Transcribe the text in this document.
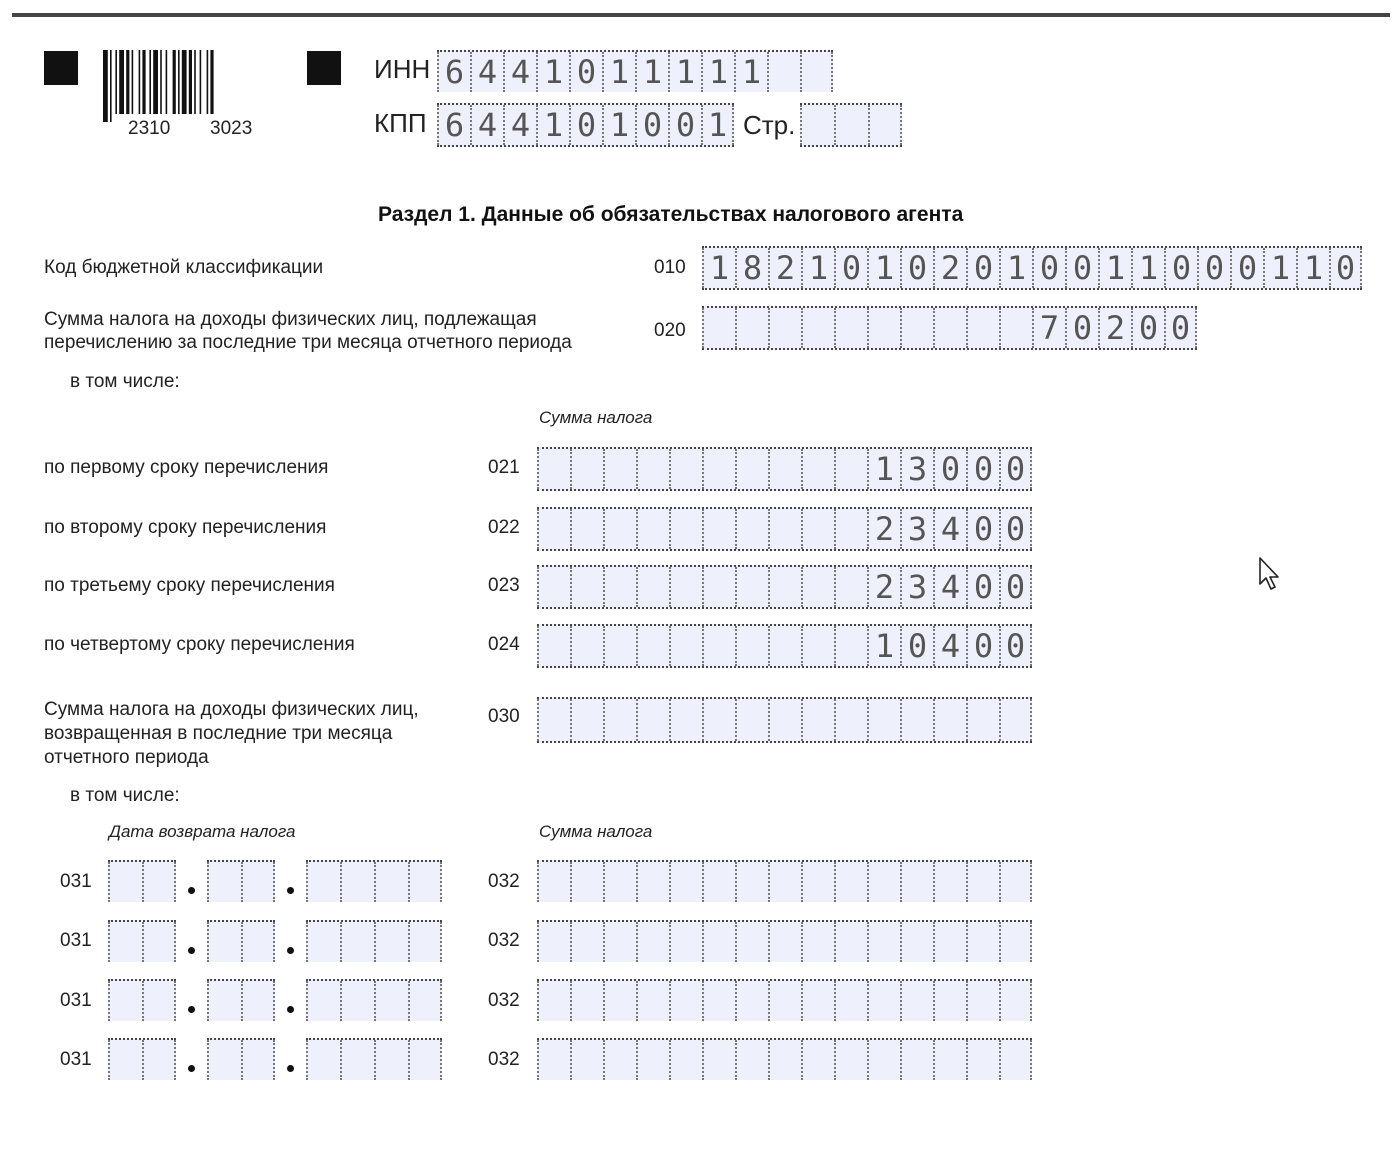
2310 3023
ИНН 6 4 4 1 0 1 1 1 1 1
КПП 6 4 4 1 0 1 0 0 1 Стр.
Раздел 1. Данные об обязательствах налогового агента
Код бюджетной классификации	010 1 8 2 1 0 1 0 2 0 1 0 0 1 1 0 0 0 1 1 0
Сумма налога на доходы физических лиц, подлежащая
перечислению за последние три месяца отчетного периода
020	7 0 2 0 0
в том числе:
Сумма налога
по первому сроку перечисления	021	1 3 0 0 0
по второму сроку перечисления	022	2 3 4 0 0
по третьему сроку перечисления	023	2 3 4 0 0
по четвертому сроку перечисления	024	1 0 4 0 0
Сумма налога на доходы физических лиц,
возвращенная в последние три месяца
отчетного периода
030
в том числе:
Дата возврата налога	Сумма налога
031	032
031	032
031	032
031	032
